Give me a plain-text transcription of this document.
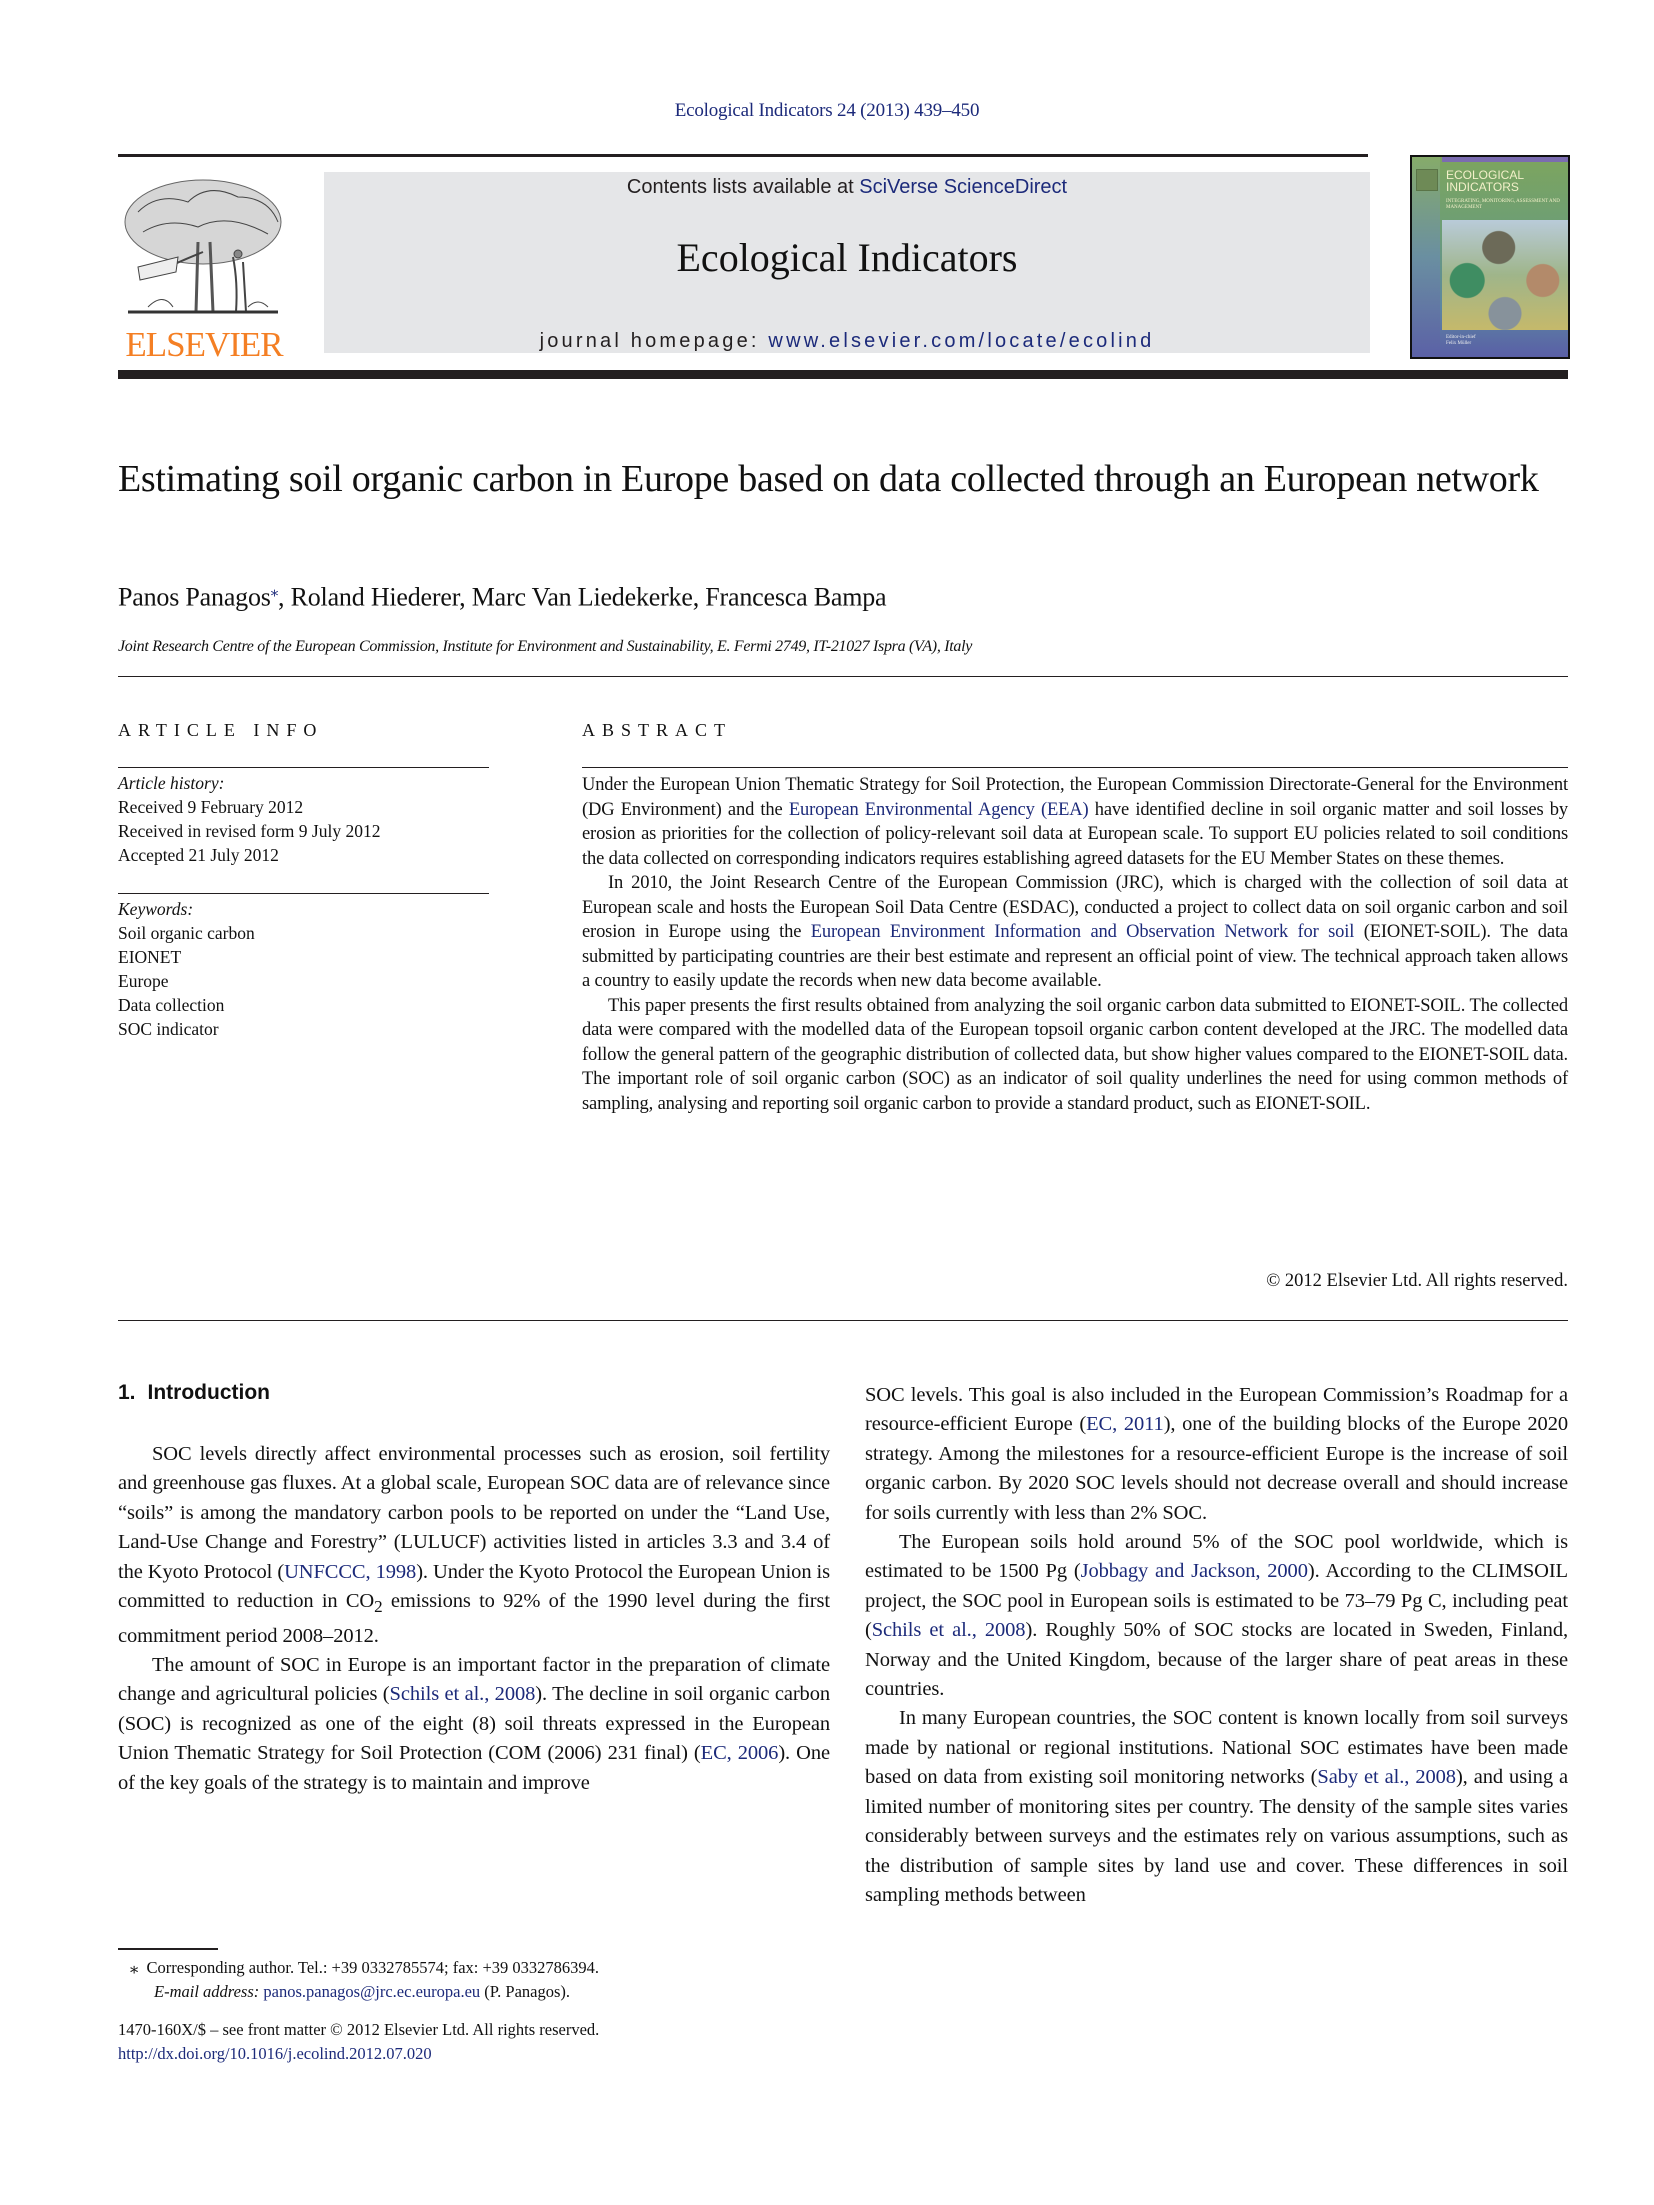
Ecological Indicators 24 (2013) 439–450
ELSEVIER
Contents lists available at SciVerse ScienceDirect
Ecological Indicators
journal homepage: www.elsevier.com/locate/ecolind
ECOLOGICAL
INDICATORS
INTEGRATING, MONITORING, ASSESSMENT AND MANAGEMENT
Editor-in-chief
Felix Müller
Estimating soil organic carbon in Europe based on data collected through an European network
Panos Panagos⁎, Roland Hiederer, Marc Van Liedekerke, Francesca Bampa
Joint Research Centre of the European Commission, Institute for Environment and Sustainability, E. Fermi 2749, IT-21027 Ispra (VA), Italy
ARTICLE INFO
Article history:
Received 9 February 2012
Received in revised form 9 July 2012
Accepted 21 July 2012
Keywords:
Soil organic carbon
EIONET
Europe
Data collection
SOC indicator
ABSTRACT

Under the European Union Thematic Strategy for Soil Protection, the European Commission Directorate-General for the Environment (DG Environment) and the European Environmental Agency (EEA) have identified decline in soil organic matter and soil losses by erosion as priorities for the collection of policy-relevant soil data at European scale. To support EU policies related to soil conditions the data collected on corresponding indicators requires establishing agreed datasets for the EU Member States on these themes.

In 2010, the Joint Research Centre of the European Commission (JRC), which is charged with the collection of soil data at European scale and hosts the European Soil Data Centre (ESDAC), conducted a project to collect data on soil organic carbon and soil erosion in Europe using the European Environment Information and Observation Network for soil (EIONET-SOIL). The data submitted by participating countries are their best estimate and represent an official point of view. The technical approach taken allows a country to easily update the records when new data become available.

This paper presents the first results obtained from analyzing the soil organic carbon data submitted to EIONET-SOIL. The collected data were compared with the modelled data of the European topsoil organic carbon content developed at the JRC. The modelled data follow the general pattern of the geographic distribution of collected data, but show higher values compared to the EIONET-SOIL data. The important role of soil organic carbon (SOC) as an indicator of soil quality underlines the need for using common methods of sampling, analysing and reporting soil organic carbon to provide a standard product, such as EIONET-SOIL.

© 2012 Elsevier Ltd. All rights reserved.
1. Introduction

SOC levels directly affect environmental processes such as erosion, soil fertility and greenhouse gas fluxes. At a global scale, European SOC data are of relevance since “soils” is among the mandatory carbon pools to be reported on under the “Land Use, Land-Use Change and Forestry” (LULUCF) activities listed in articles 3.3 and 3.4 of the Kyoto Protocol (UNFCCC, 1998). Under the Kyoto Protocol the European Union is committed to reduction in $CO_2$ emissions to 92% of the 1990 level during the first commitment period 2008–2012.

The amount of SOC in Europe is an important factor in the preparation of climate change and agricultural policies (Schils et al., 2008). The decline in soil organic carbon (SOC) is recognized as one of the eight (8) soil threats expressed in the European Union Thematic Strategy for Soil Protection (COM (2006) 231 final) (EC, 2006). One of the key goals of the strategy is to maintain and improve

SOC levels. This goal is also included in the European Commission’s Roadmap for a resource-efficient Europe (EC, 2011), one of the building blocks of the Europe 2020 strategy. Among the milestones for a resource-efficient Europe is the increase of soil organic carbon. By 2020 SOC levels should not decrease overall and should increase for soils currently with less than 2% SOC.

The European soils hold around 5% of the SOC pool worldwide, which is estimated to be 1500 Pg (Jobbagy and Jackson, 2000). According to the CLIMSOIL project, the SOC pool in European soils is estimated to be 73–79 Pg C, including peat (Schils et al., 2008). Roughly 50% of SOC stocks are located in Sweden, Finland, Norway and the United Kingdom, because of the larger share of peat areas in these countries.

In many European countries, the SOC content is known locally from soil surveys made by national or regional institutions. National SOC estimates have been made based on data from existing soil monitoring networks (Saby et al., 2008), and using a limited number of monitoring sites per country. The density of the sample sites varies considerably between surveys and the estimates rely on various assumptions, such as the distribution of sample sites by land use and cover. These differences in soil sampling methods between

⁎ Corresponding author. Tel.: +39 0332785574; fax: +39 0332786394.
E-mail address: panos.panagos@jrc.ec.europa.eu (P. Panagos).
1470-160X/$ – see front matter © 2012 Elsevier Ltd. All rights reserved.
http://dx.doi.org/10.1016/j.ecolind.2012.07.020
